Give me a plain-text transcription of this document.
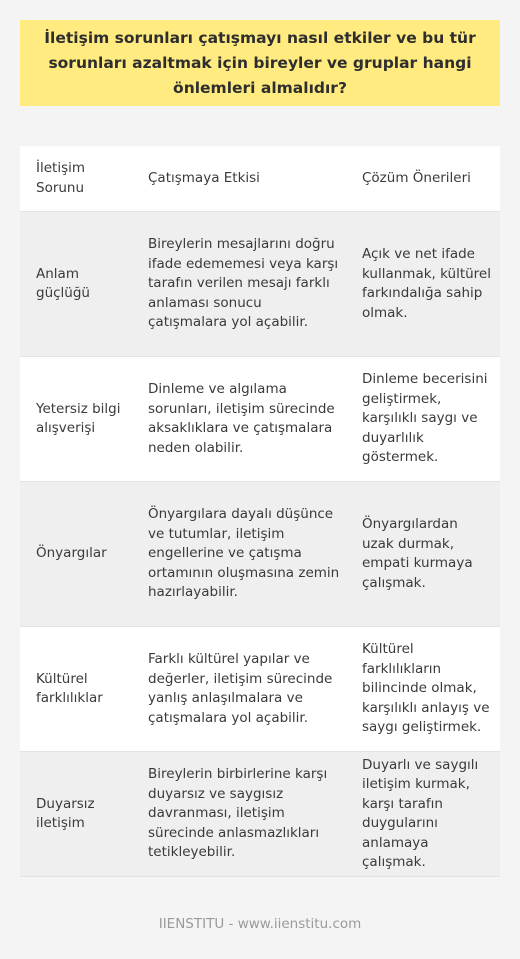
İletişim sorunları çatışmayı nasıl etkiler ve bu tür sorunları azaltmak için bireyler ve gruplar hangi önlemleri almalıdır?
İletişim Sorunu
Çatışmaya Etkisi	Çözüm Önerileri
Anlam güçlüğü
Bireylerin mesajlarını doğru ifade edememesi veya karşı tarafın verilen mesajı farklı anlaması sonucu çatışmalara yol açabilir.
Açık ve net ifade kullanmak, kültürel farkındalığa sahip olmak.
Yetersiz bilgi alışverişi
Dinleme ve algılama sorunları, iletişim sürecinde aksaklıklara ve çatışmalara neden olabilir.
Dinleme becerisini geliştirmek, karşılıklı saygı ve duyarlılık göstermek.
Önyargılar
Önyargılara dayalı düşünce ve tutumlar, iletişim engellerine ve çatışma ortamının oluşmasına zemin hazırlayabilir.
Önyargılardan uzak durmak, empati kurmaya çalışmak.
Kültürel farklılıklar
Farklı kültürel yapılar ve değerler, iletişim sürecinde yanlış anlaşılmalara ve çatışmalara yol açabilir.
Kültürel farklılıkların bilincinde olmak, karşılıklı anlayış ve saygı geliştirmek.
Duyarsız iletişim
Bireylerin birbirlerine karşı duyarsız ve saygısız davranması, iletişim sürecinde anlasmazlıkları tetikleyebilir.
Duyarlı ve saygılı iletişim kurmak, karşı tarafın duygularını anlamaya çalışmak.
IIENSTITU - www.iienstitu.com
